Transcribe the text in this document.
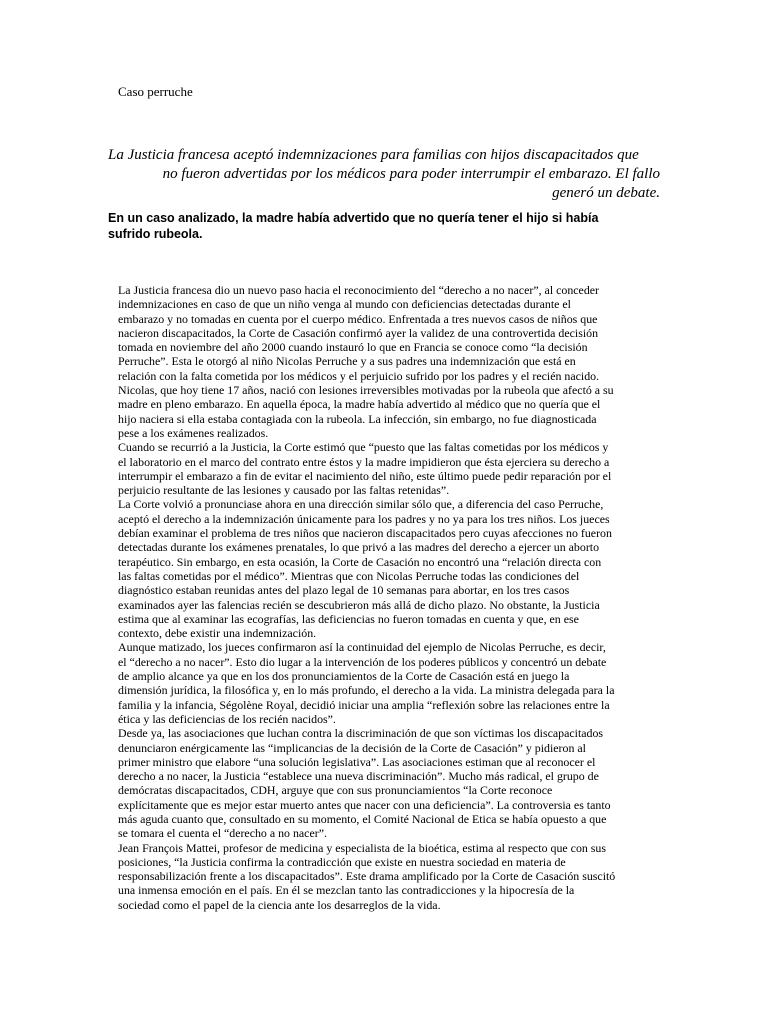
Caso perruche

La Justicia francesa aceptó indemnizaciones para familias con hijos discapacitados que
no fueron advertidas por los médicos para poder interrumpir el embarazo. El fallo
generó un debate.
En un caso analizado, la madre había advertido que no quería tener el hijo si había
sufrido rubeola.
La Justicia francesa dio un nuevo paso hacia el reconocimiento del “derecho a no nacer”, al conceder
indemnizaciones en caso de que un niño venga al mundo con deficiencias detectadas durante el
embarazo y no tomadas en cuenta por el cuerpo médico. Enfrentada a tres nuevos casos de niños que
nacieron discapacitados, la Corte de Casación confirmó ayer la validez de una controvertida decisión
tomada en noviembre del año 2000 cuando instauró lo que en Francia se conoce como “la decisión
Perruche”. Esta le otorgó al niño Nicolas Perruche y a sus padres una indemnización que está en
relación con la falta cometida por los médicos y el perjuicio sufrido por los padres y el recién nacido.
Nicolas, que hoy tiene 17 años, nació con lesiones irreversibles motivadas por la rubeola que afectó a su
madre en pleno embarazo. En aquella época, la madre había advertido al médico que no quería que el
hijo naciera si ella estaba contagiada con la rubeola. La infección, sin embargo, no fue diagnosticada
pese a los exámenes realizados.
Cuando se recurrió a la Justicia, la Corte estimó que “puesto que las faltas cometidas por los médicos y
el laboratorio en el marco del contrato entre éstos y la madre impidieron que ésta ejerciera su derecho a
interrumpir el embarazo a fin de evitar el nacimiento del niño, este último puede pedir reparación por el
perjuicio resultante de las lesiones y causado por las faltas retenidas”.
La Corte volvió a pronunciase ahora en una dirección similar sólo que, a diferencia del caso Perruche,
aceptó el derecho a la indemnización únicamente para los padres y no ya para los tres niños. Los jueces
debían examinar el problema de tres niños que nacieron discapacitados pero cuyas afecciones no fueron
detectadas durante los exámenes prenatales, lo que privó a las madres del derecho a ejercer un aborto
terapéutico. Sin embargo, en esta ocasión, la Corte de Casación no encontró una “relación directa con
las faltas cometidas por el médico”. Mientras que con Nicolas Perruche todas las condiciones del
diagnóstico estaban reunidas antes del plazo legal de 10 semanas para abortar, en los tres casos
examinados ayer las falencias recién se descubrieron más allá de dicho plazo. No obstante, la Justicia
estima que al examinar las ecografías, las deficiencias no fueron tomadas en cuenta y que, en ese
contexto, debe existir una indemnización.
Aunque matizado, los jueces confirmaron así la continuidad del ejemplo de Nicolas Perruche, es decir,
el “derecho a no nacer”. Esto dio lugar a la intervención de los poderes públicos y concentró un debate
de amplio alcance ya que en los dos pronunciamientos de la Corte de Casación está en juego la
dimensión jurídica, la filosófica y, en lo más profundo, el derecho a la vida. La ministra delegada para la
familia y la infancia, Ségolène Royal, decidió iniciar una amplia “reflexión sobre las relaciones entre la
ética y las deficiencias de los recién nacidos”.
Desde ya, las asociaciones que luchan contra la discriminación de que son víctimas los discapacitados
denunciaron enérgicamente las “implicancias de la decisión de la Corte de Casación” y pidieron al
primer ministro que elabore “una solución legislativa”. Las asociaciones estiman que al reconocer el
derecho a no nacer, la Justicia “establece una nueva discriminación”. Mucho más radical, el grupo de
demócratas discapacitados, CDH, arguye que con sus pronunciamientos “la Corte reconoce
explícitamente que es mejor estar muerto antes que nacer con una deficiencia”. La controversia es tanto
más aguda cuanto que, consultado en su momento, el Comité Nacional de Etica se había opuesto a que
se tomara el cuenta el “derecho a no nacer”.
Jean François Mattei, profesor de medicina y especialista de la bioética, estima al respecto que con sus
posiciones, “la Justicia confirma la contradicción que existe en nuestra sociedad en materia de
responsabilización frente a los discapacitados”. Este drama amplificado por la Corte de Casación suscitó
una inmensa emoción en el país. En él se mezclan tanto las contradicciones y la hipocresía de la
sociedad como el papel de la ciencia ante los desarreglos de la vida.
